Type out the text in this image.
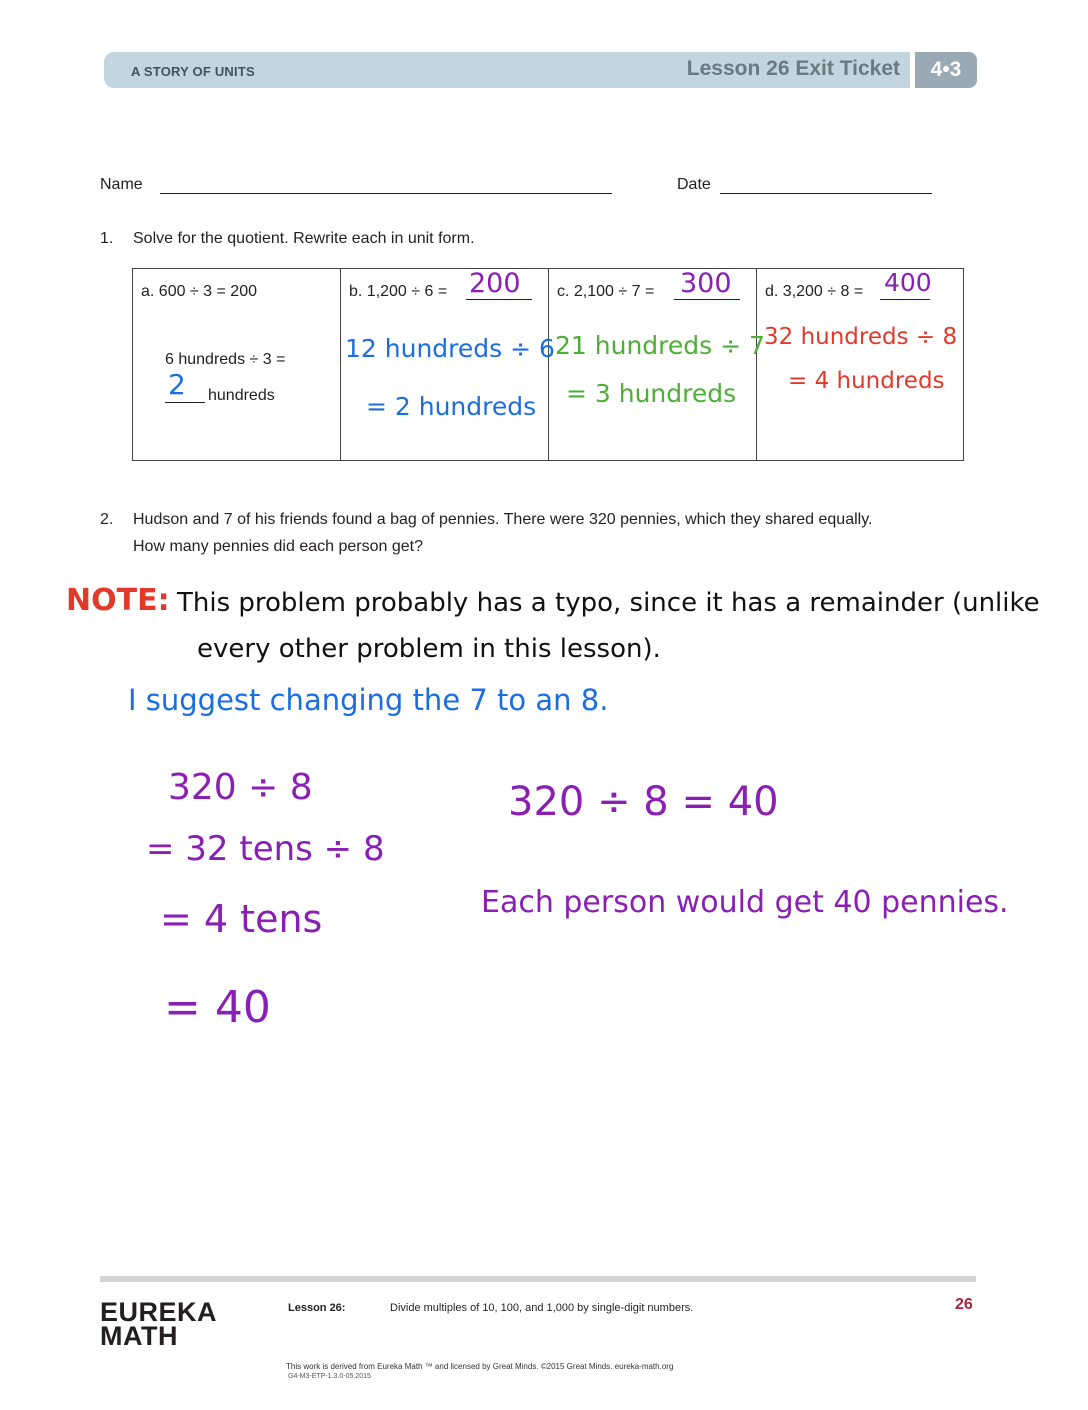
A STORY OF UNITS	Lesson 26 Exit Ticket	4•3
Name	Date
1. Solve for the quotient. Rewrite each in unit form.
a. 600 ÷ 3 = 200
6 hundreds ÷ 3 =
2 hundreds
b. 1,200 ÷ 6 = 200
12 hundreds ÷ 6
= 2 hundreds
c. 2,100 ÷ 7 = 300
21 hundreds ÷ 7
= 3 hundreds
d. 3,200 ÷ 8 = 400
32 hundreds ÷ 8
= 4 hundreds
2. Hudson and 7 of his friends found a bag of pennies. There were 320 pennies, which they shared equally.
How many pennies did each person get?
NOTE: This problem probably has a typo, since it has a remainder (unlike
every other problem in this lesson).
I suggest changing the 7 to an 8.
320 ÷ 8
= 32 tens ÷ 8
= 4 tens
= 40
320 ÷ 8 = 40
Each person would get 40 pennies.
EUREKA
MATH
Lesson 26:	Divide multiples of 10, 100, and 1,000 by single-digit numbers.	26
This work is derived from Eureka Math ™ and licensed by Great Minds. ©2015 Great Minds. eureka-math.org
G4-M3-ETP-1.3.0-05.2015
